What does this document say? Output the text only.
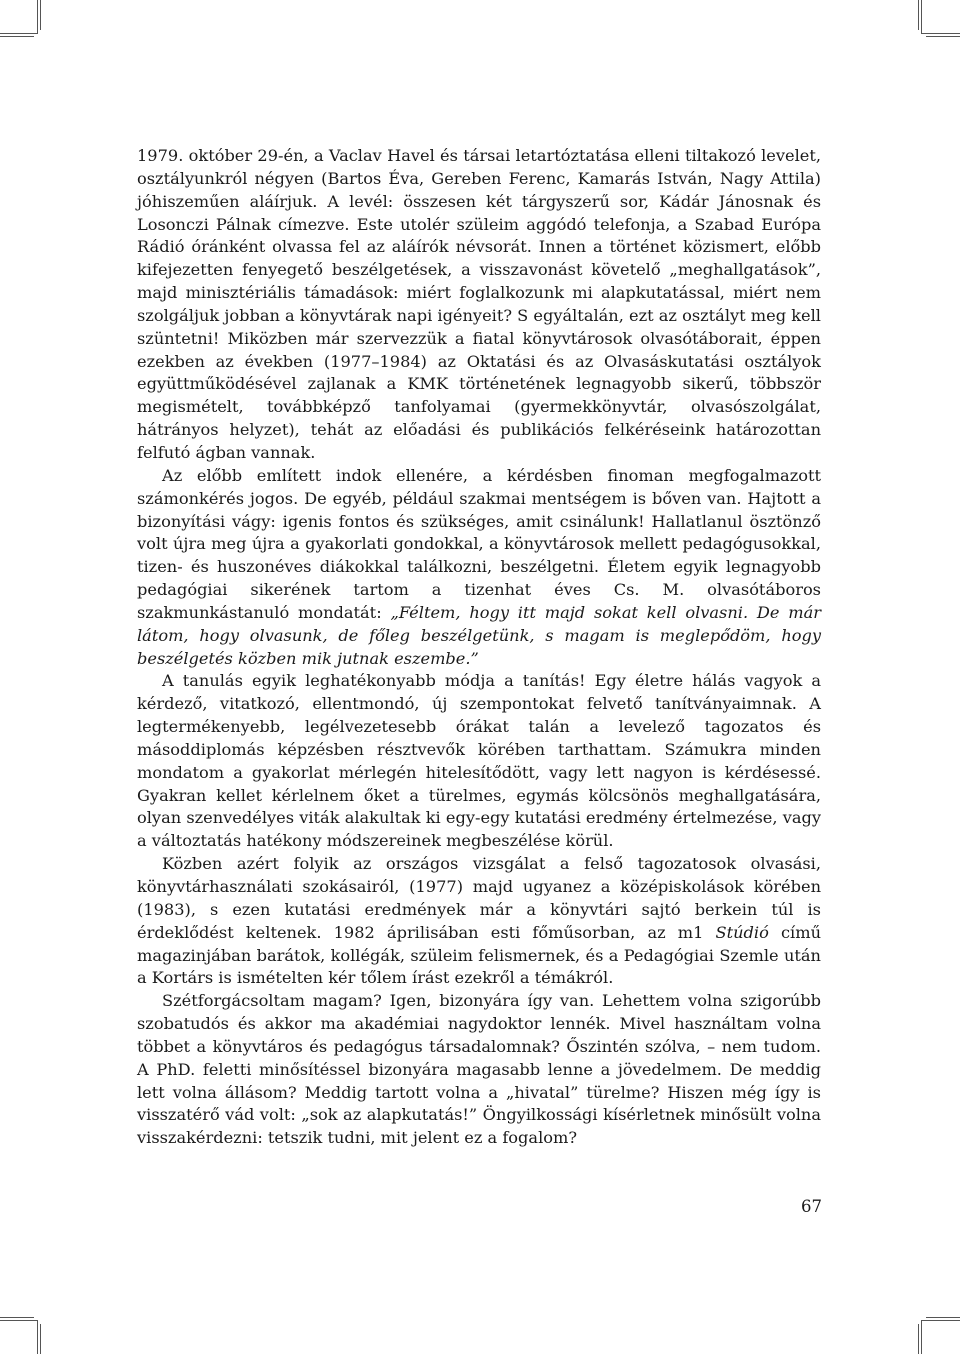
1979. október 29-én, a Vaclav Havel és társai letartóztatása elleni tiltakozó levelet, osztályunkról négyen (Bartos Éva, Gereben Ferenc, Kamarás István, Nagy Attila) jóhiszeműen aláírjuk. A levél: összesen két tárgyszerű sor, Kádár Jánosnak és Losonczi Pálnak címezve. Este utolér szüleim aggódó telefonja, a Szabad Európa Rádió óránként olvassa fel az aláírók névsorát. Innen a történet közismert, előbb kifejezetten fenyegető beszélgetések, a visszavonást követelő „meghallgatások”, majd minisztériális támadások: miért foglalkozunk mi alapkutatással, miért nem szolgáljuk jobban a könyvtárak napi igényeit? S egyáltalán, ezt az osztályt meg kell szüntetni! Miközben már szervezzük a fiatal könyvtárosok olvasótáborait, éppen ezekben az években (1977–1984) az Oktatási és az Olvasáskutatási osztályok együttműködésével zajlanak a KMK történetének legnagyobb sikerű, többször megismételt, továbbképző tanfolyamai (gyermekkönyvtár, olvasószolgálat, hátrányos helyzet), tehát az előadási és publikációs felkéréseink határozottan felfutó ágban vannak.

Az előbb említett indok ellenére, a kérdésben finoman megfogalmazott számonkérés jogos. De egyéb, például szakmai mentségem is bőven van. Hajtott a bizonyítási vágy: igenis fontos és szükséges, amit csinálunk! Hallatlanul ösztönző volt újra meg újra a gyakorlati gondokkal, a könyvtárosok mellett pedagógusokkal, tizen- és huszonéves diákokkal találkozni, beszélgetni. Életem egyik legnagyobb pedagógiai sikerének tartom a tizenhat éves Cs. M. olvasótáboros szakmunkástanuló mondatát: „Féltem, hogy itt majd sokat kell olvasni. De már látom, hogy olvasunk, de főleg beszélgetünk, s magam is meglepődöm, hogy beszélgetés közben mik jutnak eszembe.”

A tanulás egyik leghatékonyabb módja a tanítás! Egy életre hálás vagyok a kérdező, vitatkozó, ellentmondó, új szempontokat felvető tanítványaimnak. A legtermékenyebb, legélvezetesebb órákat talán a levelező tagozatos és másoddiplomás képzésben résztvevők körében tarthattam. Számukra minden mondatom a gyakorlat mérlegén hitelesítődött, vagy lett nagyon is kérdésessé. Gyakran kellet kérlelnem őket a türelmes, egymás kölcsönös meghallgatására, olyan szenvedélyes viták alakultak ki egy-egy kutatási eredmény értelmezése, vagy a változtatás hatékony módszereinek megbeszélése körül.

Közben azért folyik az országos vizsgálat a felső tagozatosok olvasási, könyvtárhasználati szokásairól, (1977) majd ugyanez a középiskolások körében (1983), s ezen kutatási eredmények már a könyvtári sajtó berkein túl is érdeklődést keltenek. 1982 áprilisában esti főműsorban, az m1 Stúdió című magazinjában barátok, kollégák, szüleim felismernek, és a Pedagógiai Szemle után a Kortárs is ismételten kér tőlem írást ezekről a témákról.

Szétforgácsoltam magam? Igen, bizonyára így van. Lehettem volna szigorúbb szobatudós és akkor ma akadémiai nagydoktor lennék. Mivel használtam volna többet a könyvtáros és pedagógus társadalomnak? Őszintén szólva, – nem tudom. A PhD. feletti minősítéssel bizonyára magasabb lenne a jövedelmem. De meddig lett volna állásom? Meddig tartott volna a „hivatal” türelme? Hiszen még így is visszatérő vád volt: „sok az alapkutatás!” Öngyilkossági kísérletnek minősült volna visszakérdezni: tetszik tudni, mit jelent ez a fogalom?

67
